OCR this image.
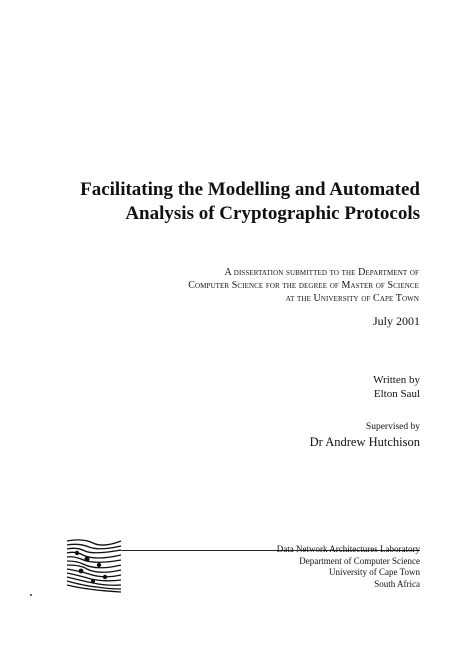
Facilitating the Modelling and Automated
Analysis of Cryptographic Protocols
A dissertation submitted to the Department of
Computer Science for the degree of Master of Science
at the University of Cape Town
July 2001
Written by
Elton Saul
Supervised by
Dr Andrew Hutchison
Data Network Architectures Laboratory
Department of Computer Science
University of Cape Town
South Africa
